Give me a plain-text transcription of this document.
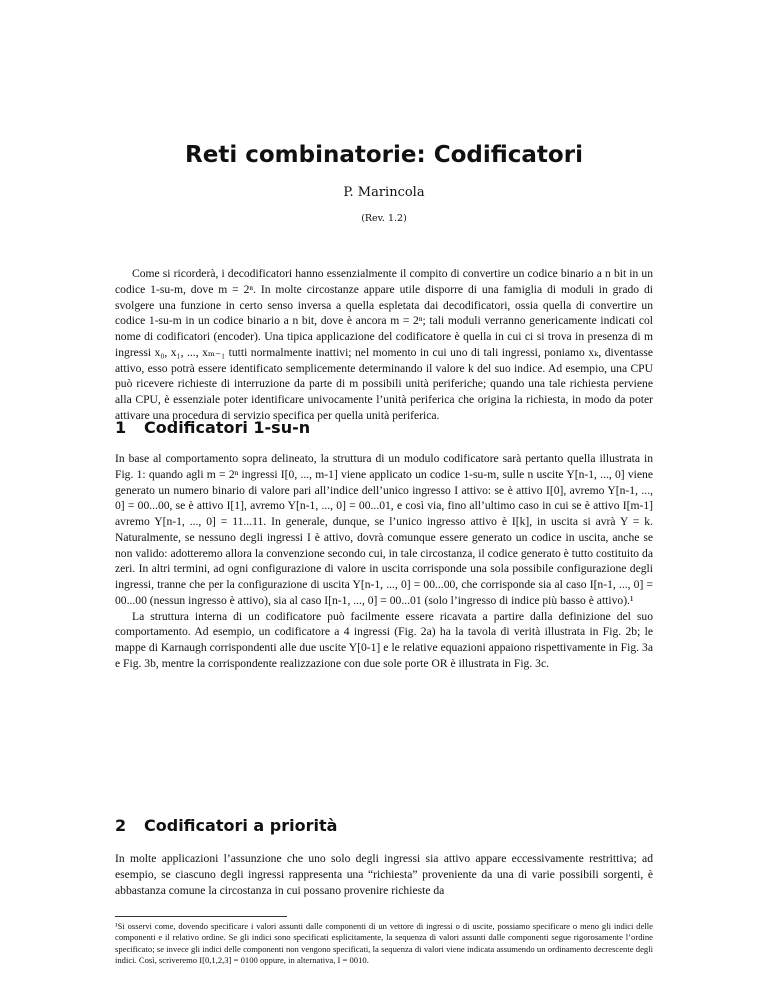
Reti combinatorie: Codificatori
P. Marincola
(Rev. 1.2)

Come si ricorderà, i decodificatori hanno essenzialmente il compito di convertire un codice binario a n bit in un codice 1-su-m, dove m = 2ⁿ. In molte circostanze appare utile disporre di una famiglia di moduli in grado di svolgere una funzione in certo senso inversa a quella espletata dai decodificatori, ossia quella di convertire un codice 1-su-m in un codice binario a n bit, dove è ancora m = 2ⁿ; tali moduli verranno genericamente indicati col nome di codificatori (encoder). Una tipica applicazione del codificatore è quella in cui ci si trova in presenza di m ingressi x₀, x₁, ..., xₘ₋₁ tutti normalmente inattivi; nel momento in cui uno di tali ingressi, poniamo xₖ, diventasse attivo, esso potrà essere identificato semplicemente determinando il valore k del suo indice. Ad esempio, una CPU può ricevere richieste di interruzione da parte di m possibili unità periferiche; quando una tale richiesta perviene alla CPU, è essenziale poter identificare univocamente l’unità periferica che origina la richiesta, in modo da poter attivare una procedura di servizio specifica per quella unità periferica.

1 Codificatori 1-su-n

In base al comportamento sopra delineato, la struttura di un modulo codificatore sarà pertanto quella illustrata in Fig. 1: quando agli m = 2ⁿ ingressi I[0, ..., m-1] viene applicato un codice 1-su-m, sulle n uscite Y[n-1, ..., 0] viene generato un numero binario di valore pari all’indice dell’unico ingresso I attivo: se è attivo I[0], avremo Y[n-1, ..., 0] = 00...00, se è attivo I[1], avremo Y[n-1, ..., 0] = 00...01, e così via, fino all’ultimo caso in cui se è attivo I[m-1] avremo Y[n-1, ..., 0] = 11...11. In generale, dunque, se l’unico ingresso attivo è I[k], in uscita si avrà Y = k. Naturalmente, se nessuno degli ingressi I è attivo, dovrà comunque essere generato un codice in uscita, anche se non valido: adotteremo allora la convenzione secondo cui, in tale circostanza, il codice generato è tutto costituito da zeri. In altri termini, ad ogni configurazione di valore in uscita corrisponde una sola possibile configurazione degli ingressi, tranne che per la configurazione di uscita Y[n-1, ..., 0] = 00...00, che corrisponde sia al caso I[n-1, ..., 0] = 00...00 (nessun ingresso è attivo), sia al caso I[n-1, ..., 0] = 00...01 (solo l’ingresso di indice più basso è attivo).¹

La struttura interna di un codificatore può facilmente essere ricavata a partire dalla definizione del suo comportamento. Ad esempio, un codificatore a 4 ingressi (Fig. 2a) ha la tavola di verità illustrata in Fig. 2b; le mappe di Karnaugh corrispondenti alle due uscite Y[0-1] e le relative equazioni appaiono rispettivamente in Fig. 3a e Fig. 3b, mentre la corrispondente realizzazione con due sole porte OR è illustrata in Fig. 3c.

2 Codificatori a priorità

In molte applicazioni l’assunzione che uno solo degli ingressi sia attivo appare eccessivamente restrittiva; ad esempio, se ciascuno degli ingressi rappresenta una “richiesta” proveniente da una di varie possibili sorgenti, è abbastanza comune la circostanza in cui possano provenire richieste da

¹Si osservi come, dovendo specificare i valori assunti dalle componenti di un vettore di ingressi o di uscite, possiamo specificare o meno gli indici delle componenti e il relativo ordine. Se gli indici sono specificati esplicitamente, la sequenza di valori assunti dalle componenti segue rigorosamente l’ordine specificato; se invece gli indici delle componenti non vengono specificati, la sequenza di valori viene indicata assumendo un ordinamento decrescente degli indici. Così, scriveremo I[0,1,2,3] = 0100 oppure, in alternativa, I = 0010.
